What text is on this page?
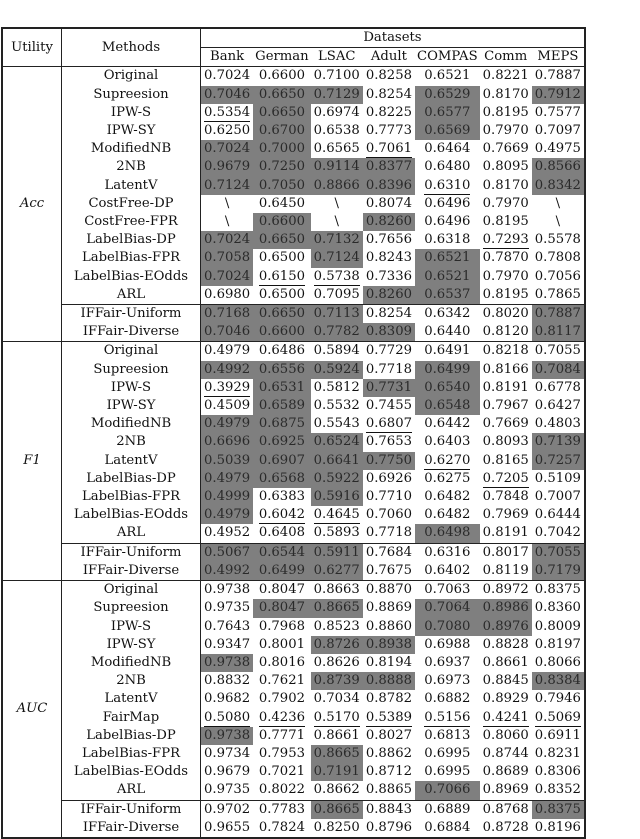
Utility	Methods	Datasets						
		Bank	German	LSAC	Adult	COMPAS	Comm	MEPS
Acc	Original	0.7024	0.6600	0.7100	0.8258	0.6521	0.8221	0.7887
	Supreesion	0.7046	0.6650	0.7129	0.8254	0.6529	0.8170	0.7912
	IPW-S	0.5354	0.6650	0.6974	0.8225	0.6577	0.8195	0.7577
	IPW-SY	0.6250	0.6700	0.6538	0.7773	0.6569	0.7970	0.7097
	ModifiedNB	0.7024	0.7000	0.6565	0.7061	0.6464	0.7669	0.4975
	2NB	0.9679	0.7250	0.9114	0.8377	0.6480	0.8095	0.8566
	LatentV	0.7124	0.7050	0.8866	0.8396	0.6310	0.8170	0.8342
	CostFree-DP	\	0.6450	\	0.8074	0.6496	0.7970	\
	CostFree-FPR	\	0.6600	\	0.8260	0.6496	0.8195	\
	LabelBias-DP	0.7024	0.6650	0.7132	0.7656	0.6318	0.7293	0.5578
	LabelBias-FPR	0.7058	0.6500	0.7124	0.8243	0.6521	0.7870	0.7808
	LabelBias-EOdds	0.7024	0.6150	0.5738	0.7336	0.6521	0.7970	0.7056
	ARL	0.6980	0.6500	0.7095	0.8260	0.6537	0.8195	0.7865
	IFFair-Uniform	0.7168	0.6650	0.7113	0.8254	0.6342	0.8020	0.7887
	IFFair-Diverse	0.7046	0.6600	0.7782	0.8309	0.6440	0.8120	0.8117
F1	Original	0.4979	0.6486	0.5894	0.7729	0.6491	0.8218	0.7055
	Supreesion	0.4992	0.6556	0.5924	0.7718	0.6499	0.8166	0.7084
	IPW-S	0.3929	0.6531	0.5812	0.7731	0.6540	0.8191	0.6778
	IPW-SY	0.4509	0.6589	0.5532	0.7455	0.6548	0.7967	0.6427
	ModifiedNB	0.4979	0.6875	0.5543	0.6807	0.6442	0.7669	0.4803
	2NB	0.6696	0.6925	0.6524	0.7653	0.6403	0.8093	0.7139
	LatentV	0.5039	0.6907	0.6641	0.7750	0.6270	0.8165	0.7257
	LabelBias-DP	0.4979	0.6568	0.5922	0.6926	0.6275	0.7205	0.5109
	LabelBias-FPR	0.4999	0.6383	0.5916	0.7710	0.6482	0.7848	0.7007
	LabelBias-EOdds	0.4979	0.6042	0.4645	0.7060	0.6482	0.7969	0.6444
	ARL	0.4952	0.6408	0.5893	0.7718	0.6498	0.8191	0.7042
	IFFair-Uniform	0.5067	0.6544	0.5911	0.7684	0.6316	0.8017	0.7055
	IFFair-Diverse	0.4992	0.6499	0.6277	0.7675	0.6402	0.8119	0.7179
AUC	Original	0.9738	0.8047	0.8663	0.8870	0.7063	0.8972	0.8375
	Supreesion	0.9735	0.8047	0.8665	0.8869	0.7064	0.8986	0.8360
	IPW-S	0.7643	0.7968	0.8523	0.8860	0.7080	0.8976	0.8009
	IPW-SY	0.9347	0.8001	0.8726	0.8938	0.6988	0.8828	0.8197
	ModifiedNB	0.9738	0.8016	0.8626	0.8194	0.6937	0.8661	0.8066
	2NB	0.8832	0.7621	0.8739	0.8888	0.6973	0.8845	0.8384
	LatentV	0.9682	0.7902	0.7034	0.8782	0.6882	0.8929	0.7946
	FairMap	0.5080	0.4236	0.5170	0.5389	0.5156	0.4241	0.5069
	LabelBias-DP	0.9738	0.7771	0.8661	0.8027	0.6813	0.8060	0.6911
	LabelBias-FPR	0.9734	0.7953	0.8665	0.8862	0.6995	0.8744	0.8231
	LabelBias-EOdds	0.9679	0.7021	0.7191	0.8712	0.6995	0.8689	0.8306
	ARL	0.9735	0.8022	0.8662	0.8865	0.7066	0.8969	0.8352
	IFFair-Uniform	0.9702	0.7783	0.8665	0.8843	0.6889	0.8768	0.8375
	IFFair-Diverse	0.9655	0.7824	0.8250	0.8796	0.6884	0.8728	0.8196
